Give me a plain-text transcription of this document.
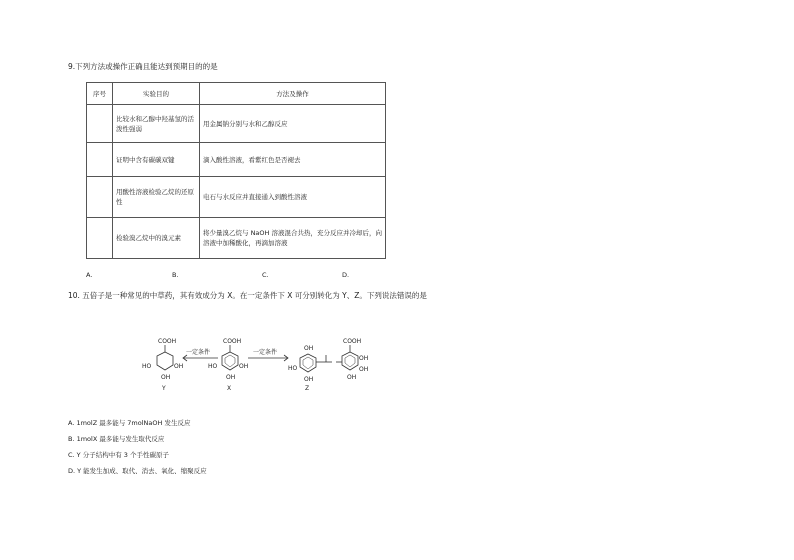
9.下列方法或操作正确且能达到预期目的的是
序号	实验目的	方法及操作
	比较水和乙醇中羟基氢的活泼性强弱	用金属钠分别与水和乙醇反应
	证明中含有碳碳双键	滴入酸性溶液，看紫红色是否褪去
	用酸性溶液检验乙烷的还原性	电石与水反应并直接通入到酸性溶液
	检验溴乙烷中的溴元素	将少量溴乙烷与 NaOH 溶液混合共热，充分反应并冷却后，向溶液中加稀酸化，再滴加溶液
A.	B.	C.	D.
10. 五倍子是一种常见的中草药，其有效成分为 X。在一定条件下 X 可分别转化为 Y、Z。下列说法错误的是
COOH
HO	OH
OH
Y
COOH
HO	OH
OH
X
一定条件	一定条件
OH
HO
OH
COOH
OH
OH
OH
Z
A. 1molZ 最多能与 7molNaOH 发生反应
B. 1molX 最多能与发生取代反应
C. Y 分子结构中有 3 个手性碳原子
D. Y 能发生加成、取代、消去、氧化、缩聚反应
